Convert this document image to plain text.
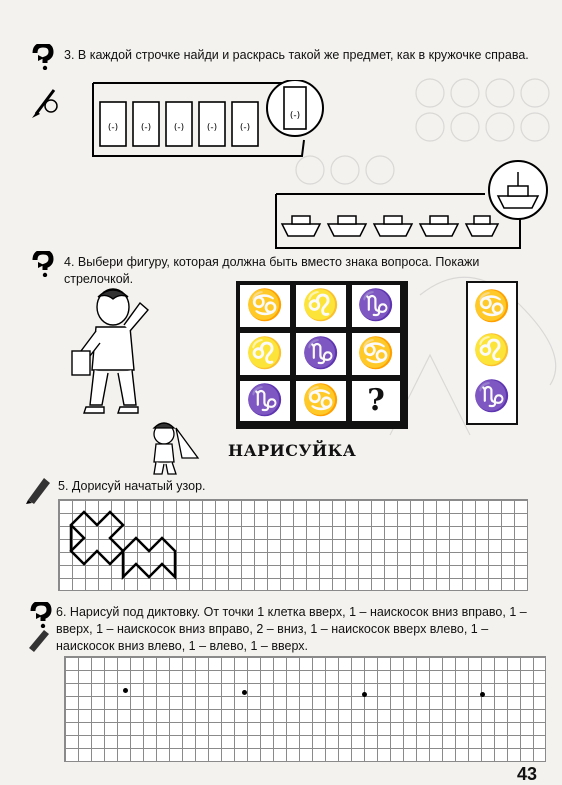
3. В каждой строчке найди и раскрась такой же предмет, как в кружочке справа.
(-)	(-)	(-)	(-)	(-)
(-)
4. Выбери фигуру, которая должна быть вместо знака вопроса. Покажи стрелочкой.
♋ ♌ ♑
♌ ♑ ♋
♑ ♋ ?
♋
♌
♑
НАРИСУЙКА
5. Дорисуй начатый узор.
6. Нарисуй под диктовку. От точки 1 клетка вверх, 1 – наискосок вниз вправо, 1 – вверх, 1 – наискосок вниз вправо, 2 – вниз, 1 – наискосок вверх влево, 1 – наискосок вниз влево, 1 – влево, 1 – вверх.
43
